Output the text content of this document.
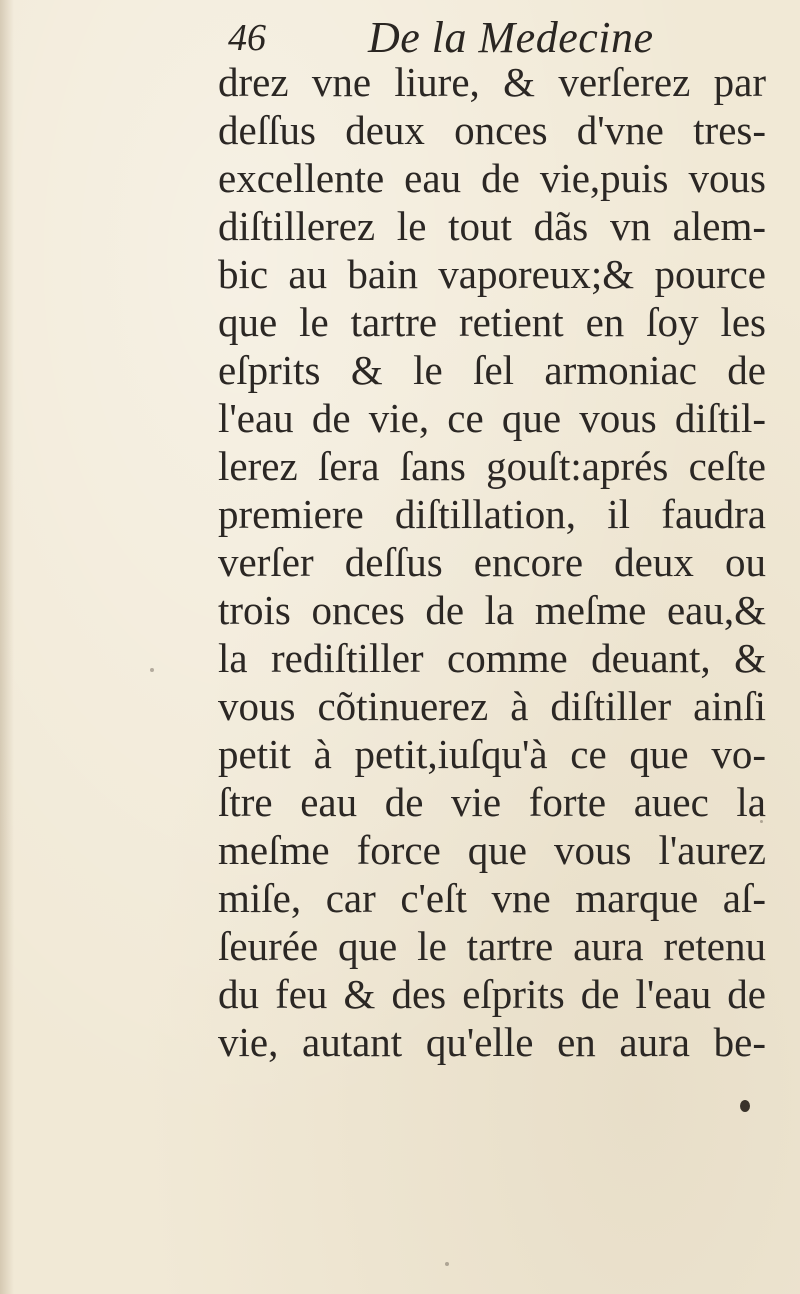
46 De la Medecine
drez vne liure, & verſerez par
deſſus deux onces d'vne tres-
excellente eau de vie,puis vous
diſtillerez le tout dãs vn alem-
bic au bain vaporeux;& pource
que le tartre retient en ſoy les
eſprits & le ſel armoniac de
l'eau de vie, ce que vous diſtil-
lerez ſera ſans gouſt:aprés ceſte
premiere diſtillation, il faudra
verſer deſſus encore deux ou
trois onces de la meſme eau,&
la rediſtiller comme deuant, &
vous cõtinuerez à diſtiller ainſi
petit à petit,iuſqu'à ce que vo-
ſtre eau de vie forte auec la
meſme force que vous l'aurez
miſe, car c'eſt vne marque aſ-
ſeurée que le tartre aura retenu
du feu & des eſprits de l'eau de
vie, autant qu'elle en aura be-
